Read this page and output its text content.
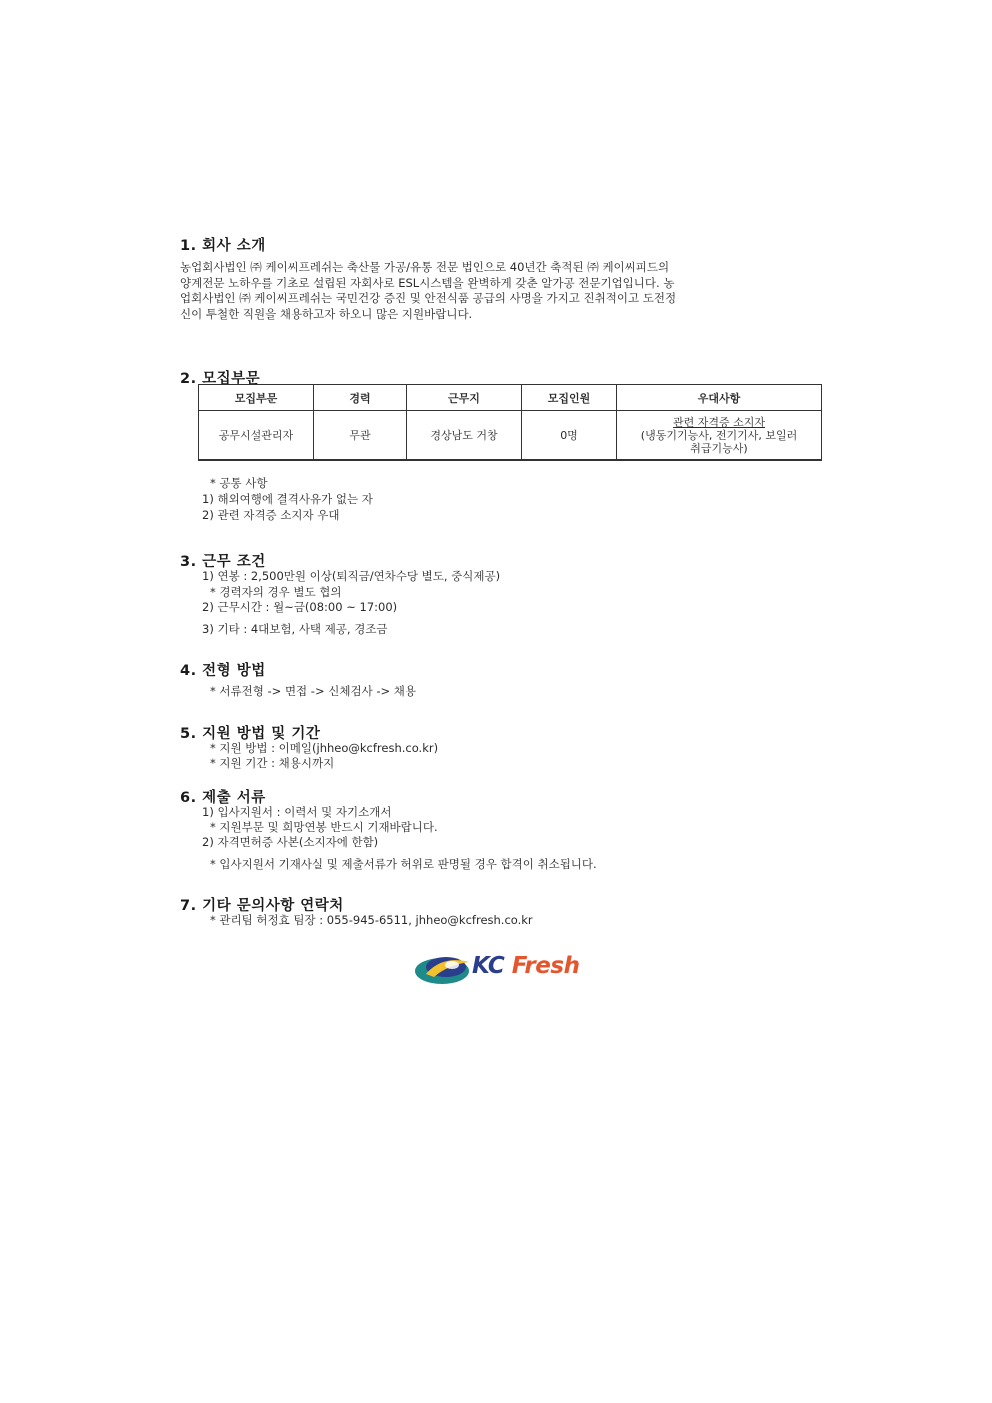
1. 회사 소개
농업회사법인 ㈜ 케이씨프레쉬는 축산물 가공/유통 전문 법인으로 40년간 축적된 ㈜ 케이씨피드의
양계전문 노하우를 기초로 설립된 자회사로 ESL시스템을 완벽하게 갖춘 알가공 전문기업입니다. 농
업회사법인 ㈜ 케이씨프레쉬는 국민건강 증진 및 안전식품 공급의 사명을 가지고 진취적이고 도전정
신이 투철한 직원을 채용하고자 하오니 많은 지원바랍니다.
2. 모집부문
모집부문	경력	근무지	모집인원	우대사항
공무시설관리자	무관	경상남도 거창	0명	관련 자격증 소지자
(냉동기기능사, 전기기사, 보일러
취급기능사)
* 공통 사항
1) 해외여행에 결격사유가 없는 자
2) 관련 자격증 소지자 우대
3. 근무 조건
1) 연봉 : 2,500만원 이상(퇴직금/연차수당 별도, 중식제공)
* 경력자의 경우 별도 협의
2) 근무시간 : 월~금(08:00 ~ 17:00)
3) 기타 : 4대보험, 사택 제공, 경조금
4. 전형 방법
* 서류전형 -> 면접 -> 신체검사 -> 채용
5. 지원 방법 및 기간
* 지원 방법 : 이메일(jhheo@kcfresh.co.kr)
* 지원 기간 : 채용시까지
6. 제출 서류
1) 입사지원서 : 이력서 및 자기소개서
* 지원부문 및 희망연봉 반드시 기재바랍니다.
2) 자격면허증 사본(소지자에 한함)
* 입사지원서 기재사실 및 제출서류가 허위로 판명될 경우 합격이 취소됩니다.
7. 기타 문의사항 연락처
* 관리팀 허정효 팀장 : 055-945-6511, jhheo@kcfresh.co.kr
KC Fresh
